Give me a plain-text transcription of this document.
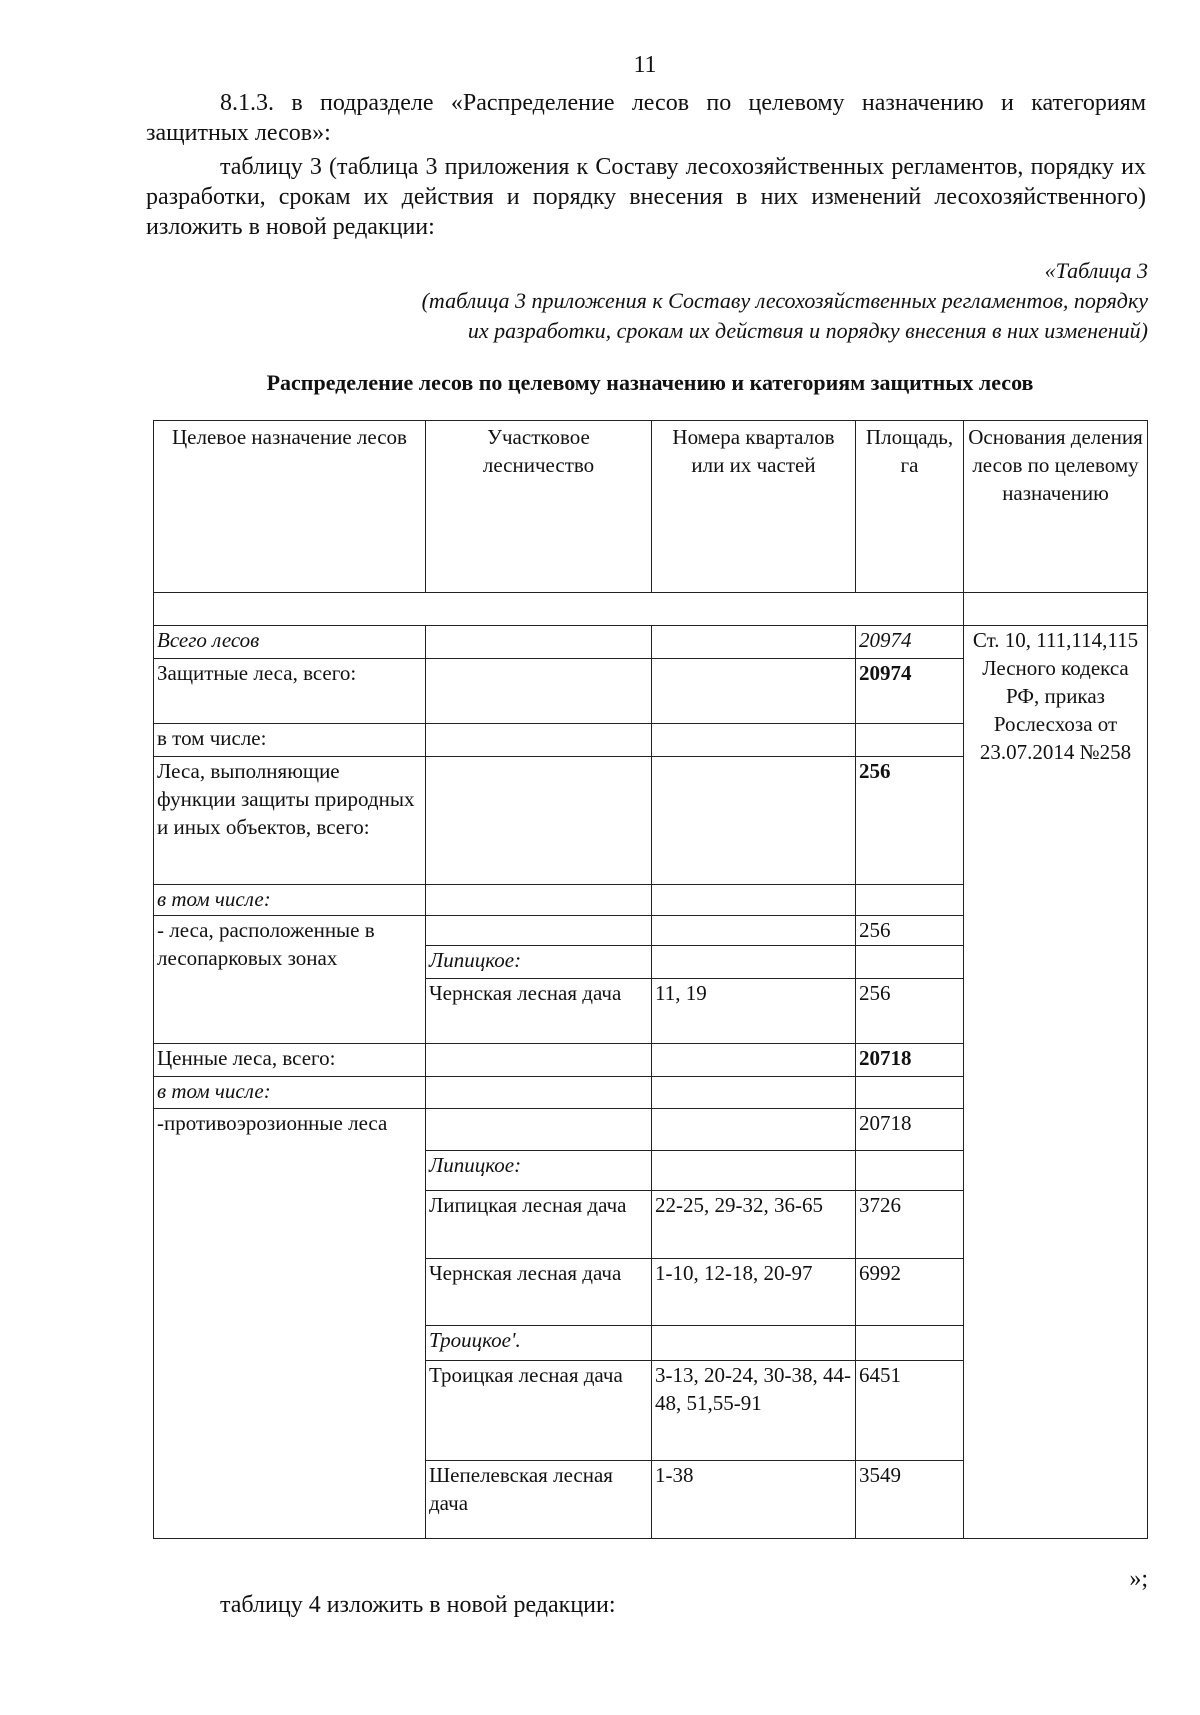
11

8.1.3. в подразделе «Распределение лесов по целевому назначению и категориям защитных лесов»:

таблицу 3 (таблица 3 приложения к Составу лесохозяйственных регламентов, порядку их разработки, срокам их действия и порядку внесения в них изменений лесохозяйственного) изложить в новой редакции:

«Таблица 3
(таблица 3 приложения к Составу лесохозяйственных регламентов, порядку
их разработки, срокам их действия и порядку внесения в них изменений)
Распределение лесов по целевому назначению и категориям защитных лесов
Целевое назначение лесов	Участковое лесничество	Номера кварталов или их частей	Площадь, га	Основания деления лесов по целевому назначению

Всего лесов			20974	Ст. 10, 111,114,115 Лесного кодекса РФ, приказ Рослесхоза от 23.07.2014 №258
Защитные леса, всего:			20974	
в том числе:				
Леса, выполняющие функции защиты природных и иных объектов, всего:			256	
в том числе:				
- леса, расположенные в лесопарковых зонах			256	
	Липицкое:			
	Чернская лесная дача	11, 19	256	
Ценные леса, всего:			20718	
в том числе:				
-противоэрозионные леса			20718	
	Липицкое:			
	Липицкая лесная дача	22-25, 29-32, 36-65	3726	
	Чернская лесная дача	1-10, 12-18, 20-97	6992	
	Троицкое'.			
	Троицкая лесная дача	3-13, 20-24, 30-38, 44-48, 51,55-91	6451	
	Шепелевская лесная дача	1-38	3549	
»;
таблицу 4 изложить в новой редакции:
